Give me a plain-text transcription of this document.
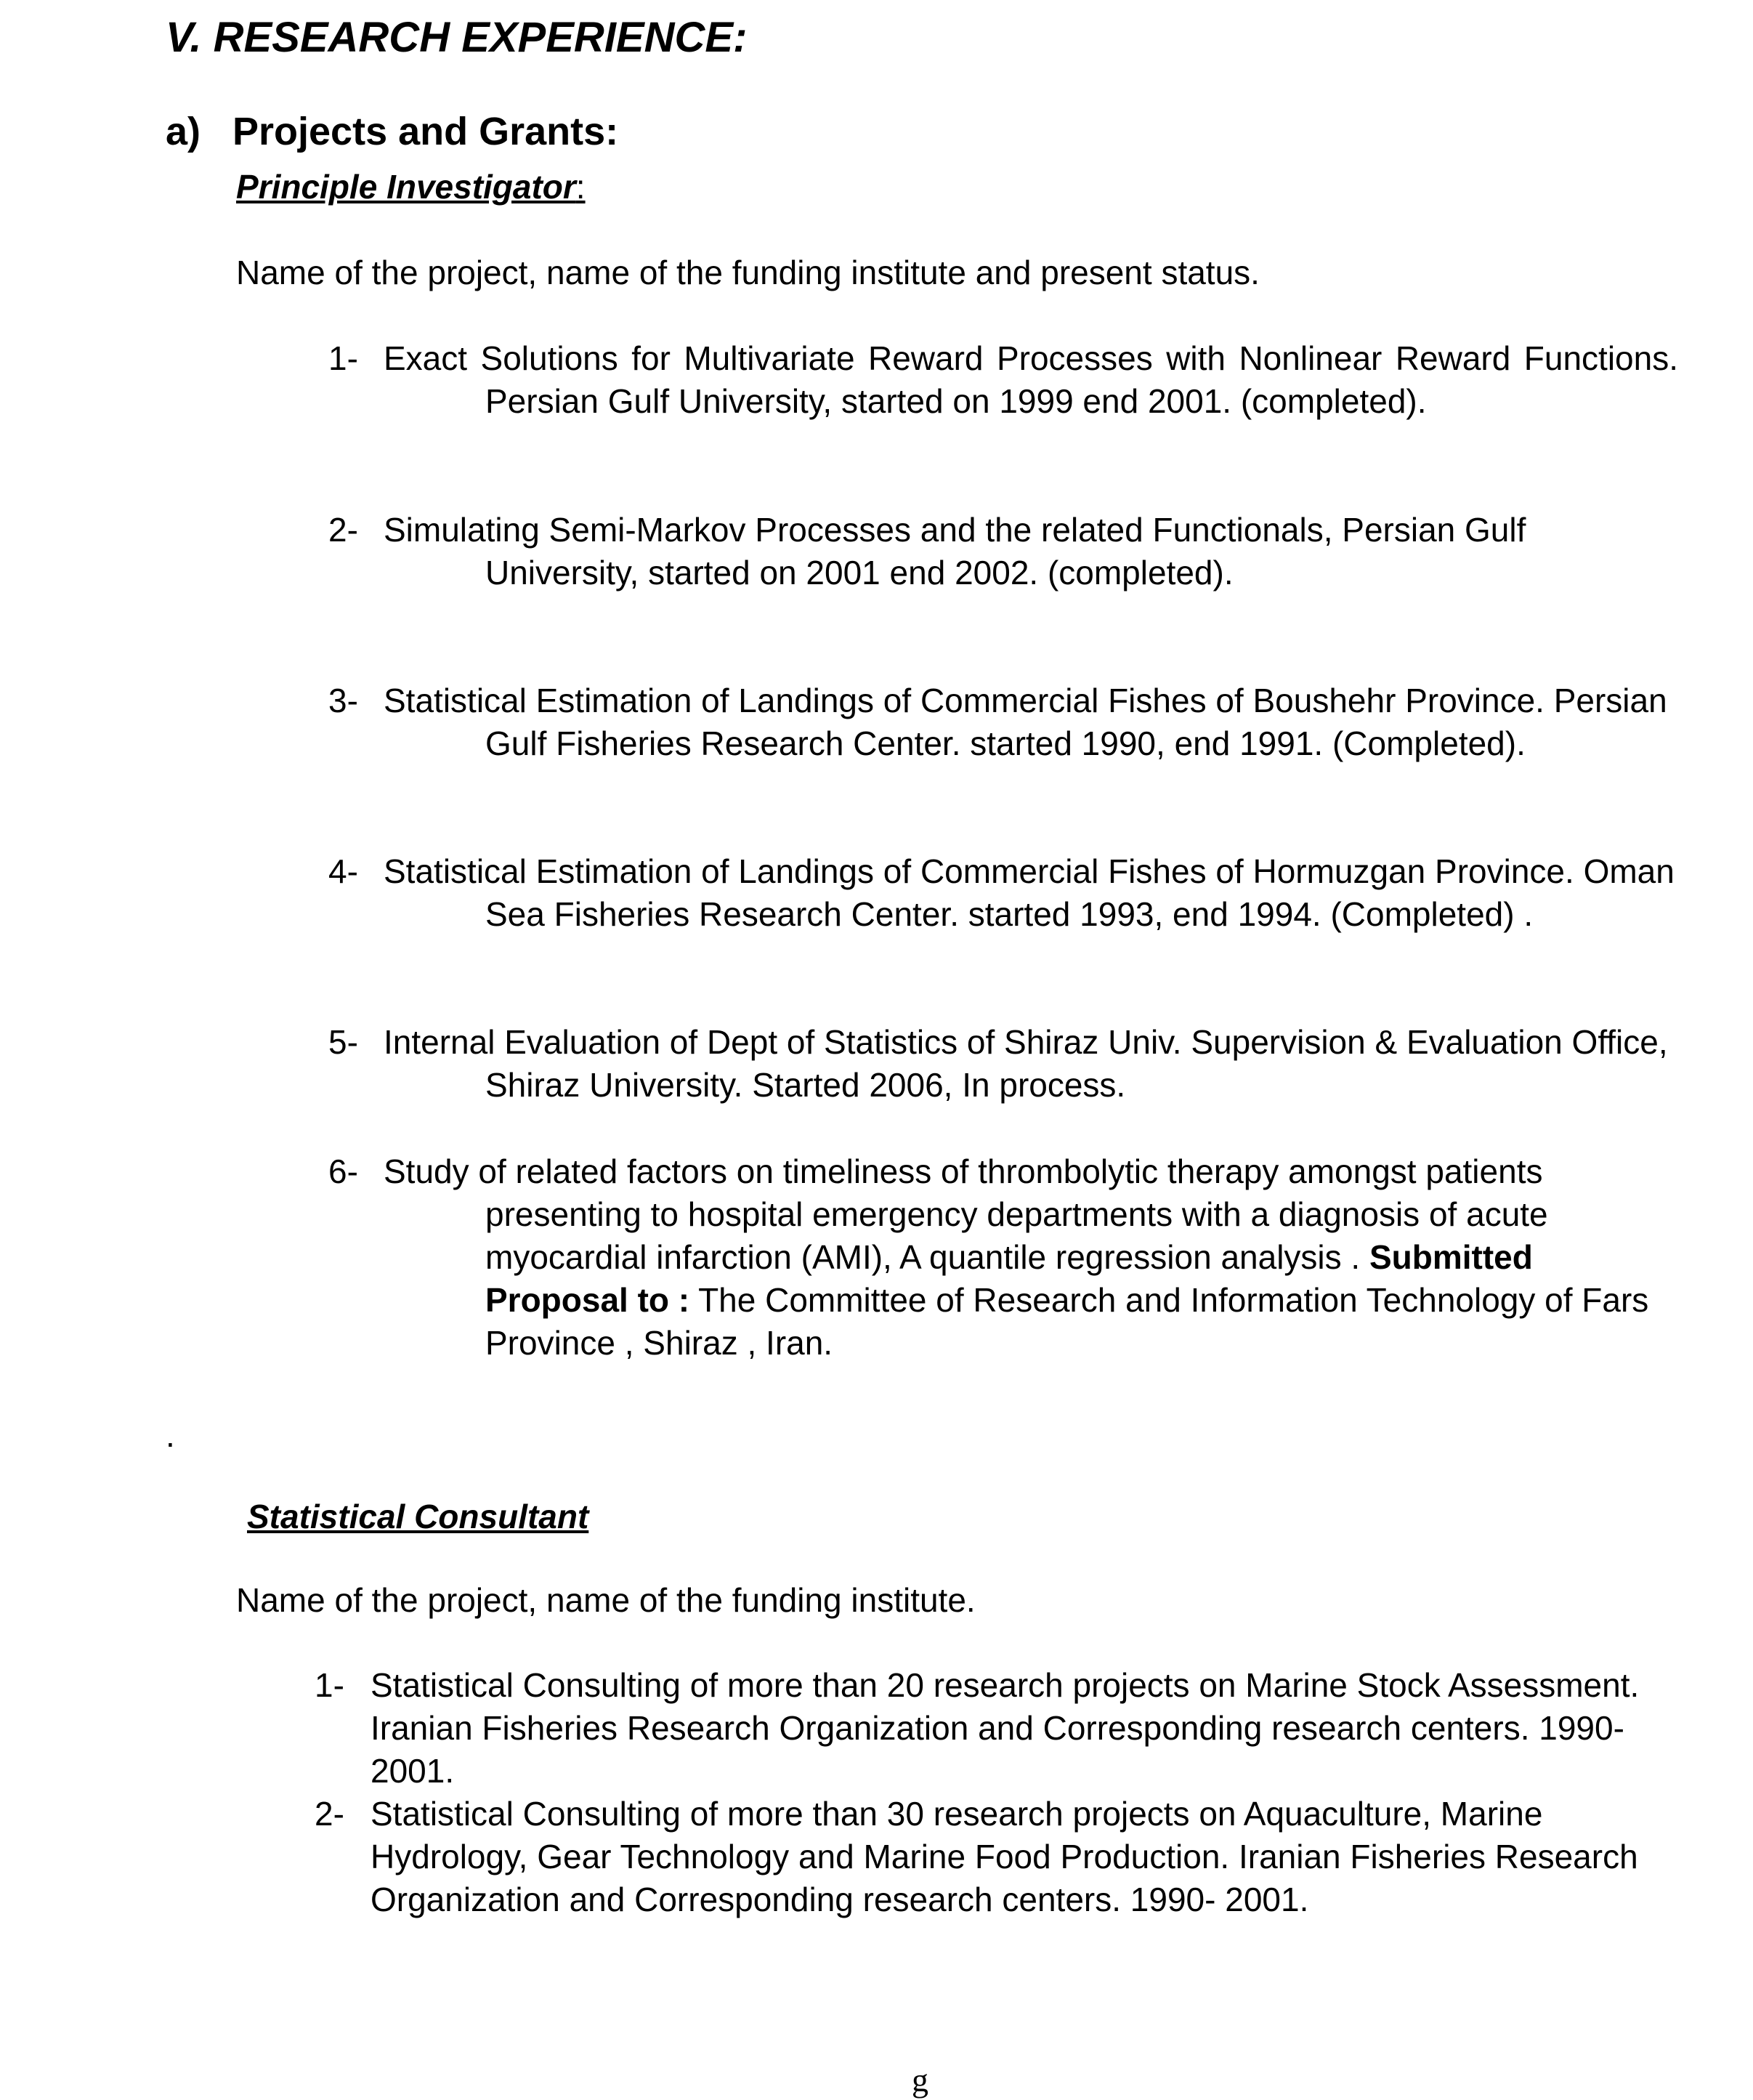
V. RESEARCH EXPERIENCE:
a) Projects and Grants:
Principle Investigator:
Name of the project, name of the funding institute and present status.

1- Exact Solutions for Multivariate Reward Processes with Nonlinear Reward Functions. Persian Gulf University, started on 1999 end 2001. (completed).

2- Simulating Semi-Markov Processes and the related Functionals, Persian Gulf University, started on 2001 end 2002. (completed).

3- Statistical Estimation of Landings of Commercial Fishes of Boushehr Province. Persian Gulf Fisheries Research Center. started 1990, end 1991. (Completed).

4- Statistical Estimation of Landings of Commercial Fishes of Hormuzgan Province. Oman Sea Fisheries Research Center. started 1993, end 1994. (Completed) .

5- Internal Evaluation of Dept of Statistics of Shiraz Univ. Supervision & Evaluation Office, Shiraz University. Started 2006, In process.

6- Study of related factors on timeliness of thrombolytic therapy amongst patients presenting to hospital emergency departments with a diagnosis of acute myocardial infarction (AMI), A quantile regression analysis . Submitted Proposal to : The Committee of Research and Information Technology of Fars Province , Shiraz , Iran.

.
Statistical Consultant
Name of the project, name of the funding institute.

1- Statistical Consulting of more than 20 research projects on Marine Stock Assessment. Iranian Fisheries Research Organization and Corresponding research centers. 1990- 2001.

2- Statistical Consulting of more than 30 research projects on Aquaculture, Marine Hydrology, Gear Technology and Marine Food Production. Iranian Fisheries Research Organization and Corresponding research centers. 1990- 2001.

g
